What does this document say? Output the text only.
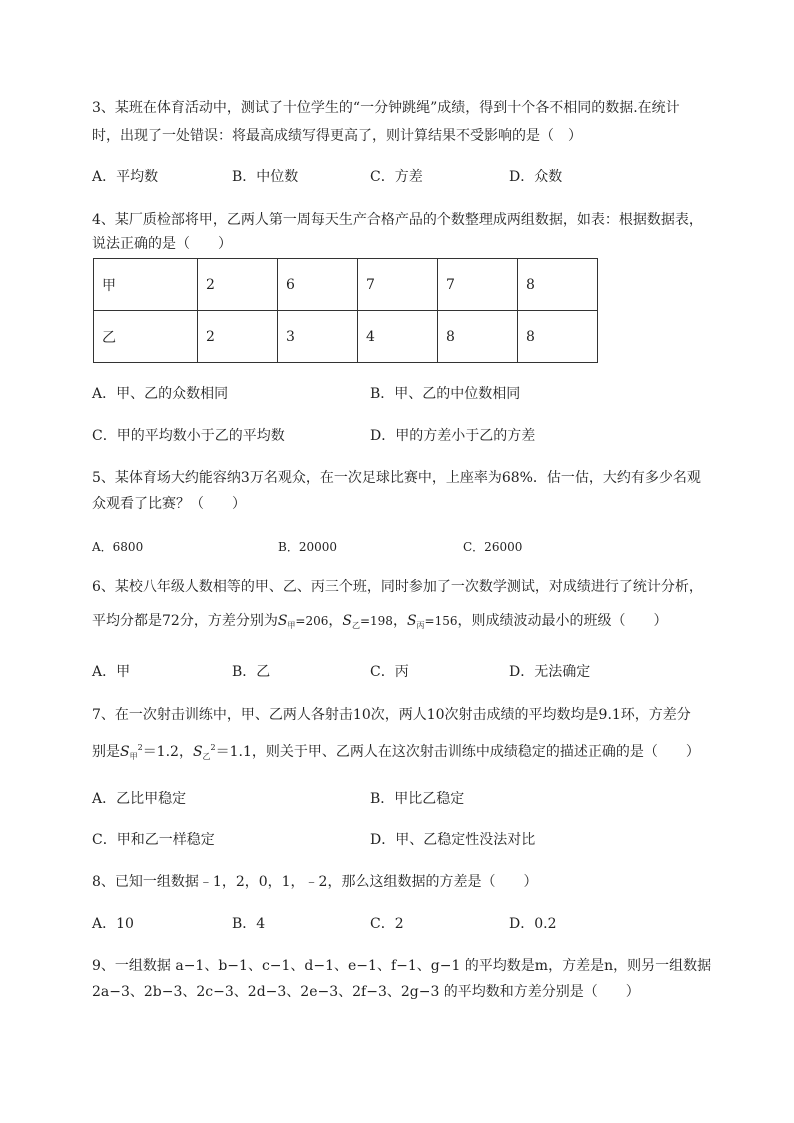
3、某班在体育活动中，测试了十位学生的“一分钟跳绳”成绩，得到十个各不相同的数据.在统计
时，出现了一处错误：将最高成绩写得更高了，则计算结果不受影响的是（　）
A．平均数	B．中位数	C．方差	D．众数
4、某厂质检部将甲，乙两人第一周每天生产合格产品的个数整理成两组数据，如表：根据数据表，
说法正确的是（　　）
甲	2	6	7	7	8
乙	2	3	4	8	8
A．甲、乙的众数相同	B．甲、乙的中位数相同
C．甲的平均数小于乙的平均数	D．甲的方差小于乙的方差
5、某体育场大约能容纳3万名观众，在一次足球比赛中，上座率为68%．估一估，大约有多少名观
众观看了比赛？（　　）
A．6800	B．20000	C．26000
6、某校八年级人数相等的甲、乙、丙三个班，同时参加了一次数学测试，对成绩进行了统计分析，
平均分都是72分，方差分别为$S_甲=206$，$S_乙=198$，$S_丙=156$，则成绩波动最小的班级（　　）
A．甲	B．乙	C．丙	D．无法确定
7、在一次射击训练中，甲、乙两人各射击10次，两人10次射击成绩的平均数均是9.1环，方差分
别是$S_甲^2=1.2$，$S_乙^2=1.1$，则关于甲、乙两人在这次射击训练中成绩稳定的描述正确的是（　　）
A．乙比甲稳定	B．甲比乙稳定
C．甲和乙一样稳定	D．甲、乙稳定性没法对比
8、已知一组数据﹣1，2，0，1，﹣2，那么这组数据的方差是（　　）
A．10	B．4	C．2	D．0.2
9、一组数据 a−1、b−1、c−1、d−1、e−1、f−1、g−1 的平均数是m，方差是n，则另一组数据
2a−3、2b−3、2c−3、2d−3、2e−3、2f−3、2g−3 的平均数和方差分别是（　　）
